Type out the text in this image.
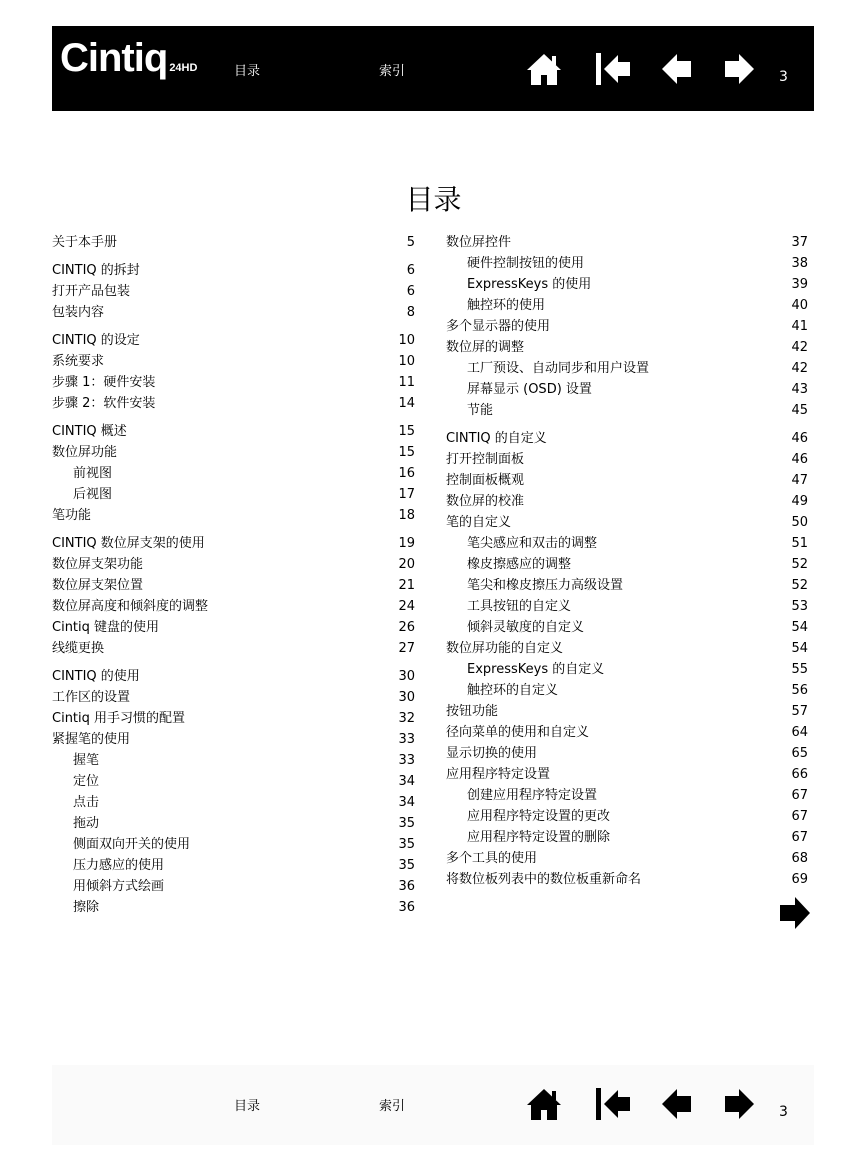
Cintiq 24HD	目录	索引	3
目录
关于本手册	5
CINTIQ 的拆封	6
打开产品包装	6
包装内容	8
CINTIQ 的设定	10
系统要求	10
步骤 1：硬件安装	11
步骤 2：软件安装	14
CINTIQ 概述	15
数位屏功能	15
前视图	16
后视图	17
笔功能	18
CINTIQ 数位屏支架的使用	19
数位屏支架功能	20
数位屏支架位置	21
数位屏高度和倾斜度的调整	24
Cintiq 键盘的使用	26
线缆更换	27
CINTIQ 的使用	30
工作区的设置	30
Cintiq 用手习惯的配置	32
紧握笔的使用	33
握笔	33
定位	34
点击	34
拖动	35
侧面双向开关的使用	35
压力感应的使用	35
用倾斜方式绘画	36
擦除	36
数位屏控件	37
硬件控制按钮的使用	38
ExpressKeys 的使用	39
触控环的使用	40
多个显示器的使用	41
数位屏的调整	42
工厂预设、自动同步和用户设置	42
屏幕显示 (OSD) 设置	43
节能	45
CINTIQ 的自定义	46
打开控制面板	46
控制面板概观	47
数位屏的校准	49
笔的自定义	50
笔尖感应和双击的调整	51
橡皮擦感应的调整	52
笔尖和橡皮擦压力高级设置	52
工具按钮的自定义	53
倾斜灵敏度的自定义	54
数位屏功能的自定义	54
ExpressKeys 的自定义	55
触控环的自定义	56
按钮功能	57
径向菜单的使用和自定义	64
显示切换的使用	65
应用程序特定设置	66
创建应用程序特定设置	67
应用程序特定设置的更改	67
应用程序特定设置的删除	67
多个工具的使用	68
将数位板列表中的数位板重新命名	69
目录	索引	3
